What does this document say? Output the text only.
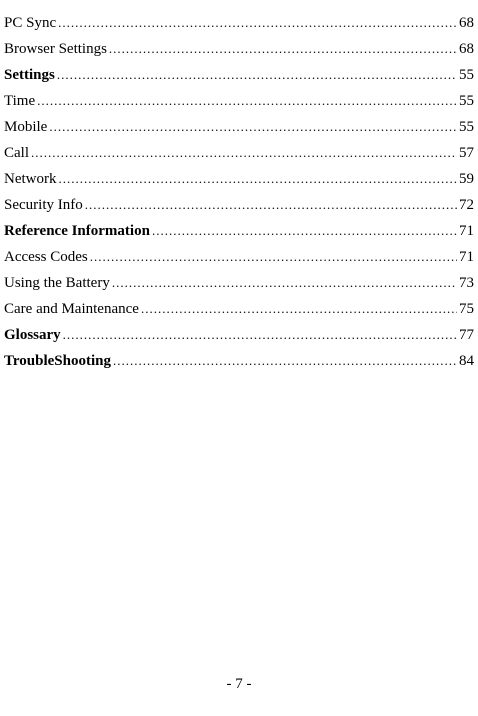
PC Sync .....	68
Browser Settings .....	68
Settings .....	55
Time .....	55
Mobile .....	55
Call .....	57
Network .....	59
Security Info .....	72
Reference Information .....	71
Access Codes .....	71
Using the Battery .....	73
Care and Maintenance .....	75
Glossary .....	77
TroubleShooting .....	84
- 7 -
